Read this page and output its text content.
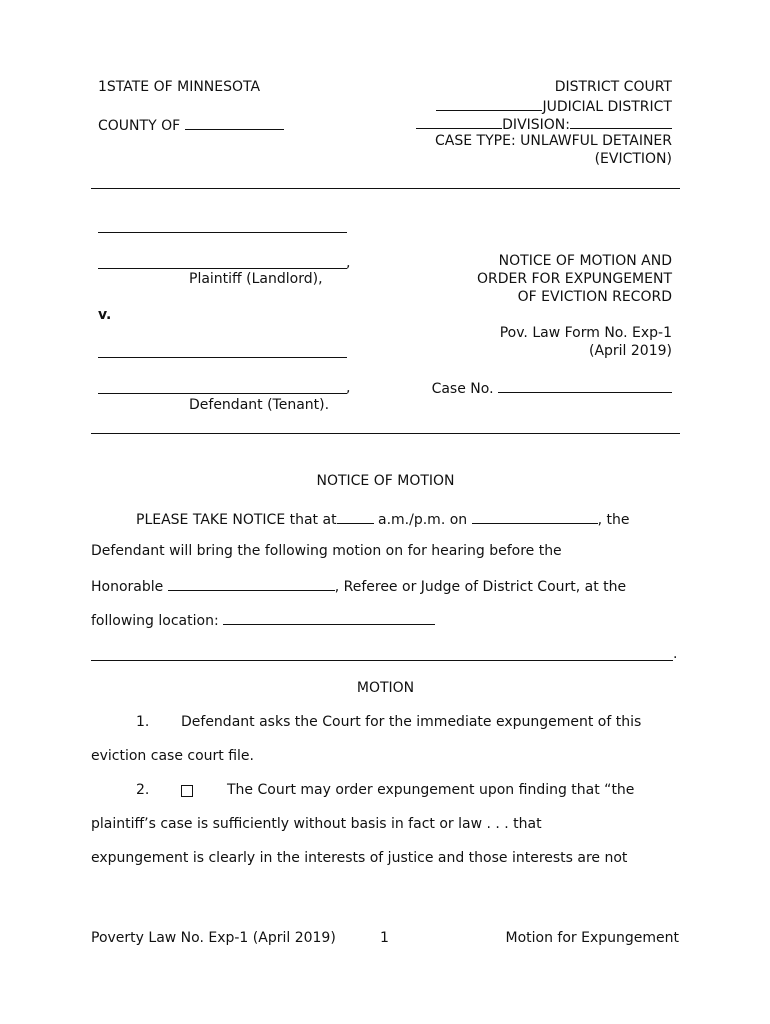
1STATE OF MINNESOTA
COUNTY OF
DISTRICT COURT
JUDICIAL DISTRICT
DIVISION:
CASE TYPE: UNLAWFUL DETAINER
(EVICTION)
,
Plaintiff (Landlord),
v.
,
Defendant (Tenant).
NOTICE OF MOTION AND
ORDER FOR EXPUNGEMENT
OF EVICTION RECORD
Pov. Law Form No. Exp-1
(April 2019)
Case No.
NOTICE OF MOTION
PLEASE TAKE NOTICE that at	a.m./p.m. on	, the
Defendant will bring the following motion on for hearing before the
Honorable	, Referee or Judge of District Court, at the
following location:
.
MOTION
1. Defendant asks the Court for the immediate expungement of this
eviction case court file.
2.	The Court may order expungement upon finding that “the
plaintiff’s case is sufficiently without basis in fact or law . . . that
expungement is clearly in the interests of justice and those interests are not
Poverty Law No. Exp-1 (April 2019)	1	Motion for Expungement
